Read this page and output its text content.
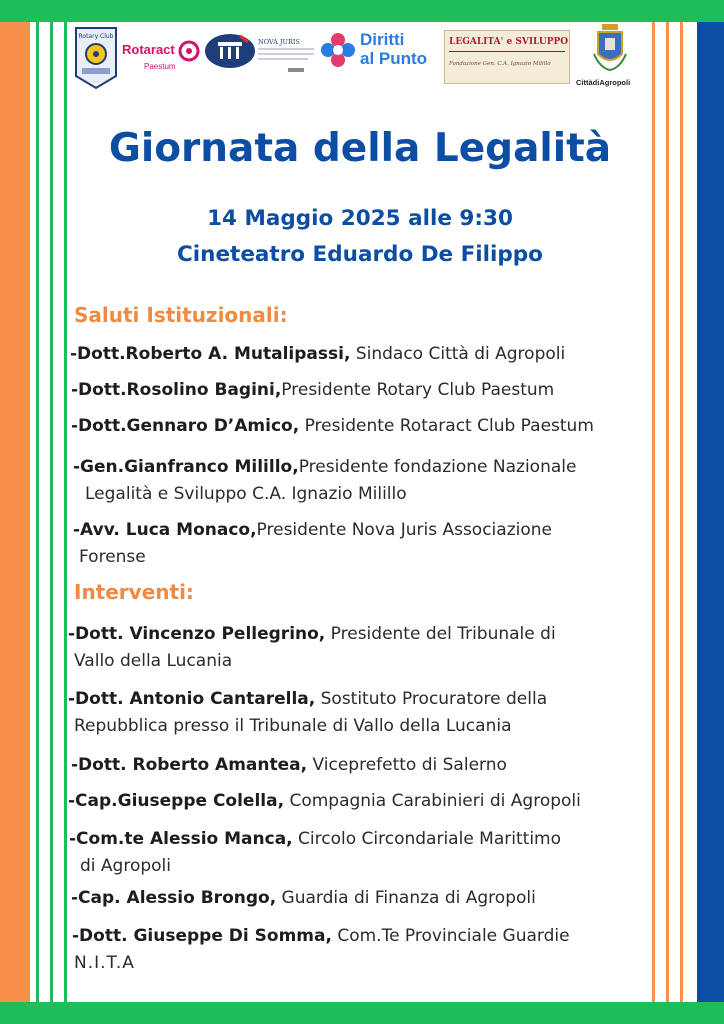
Rotary Club
Rotaract
Paestum
NOVA JURIS	Diritti
al Punto
LEGALITA' e SVILUPPO
Fondazione Gen. C.A. Ignazio Milillo
CittàdiAgropoli
Giornata della Legalità
14 Maggio 2025 alle 9:30
Cineteatro Eduardo De Filippo
Saluti Istituzionali:
-Dott.Roberto A. Mutalipassi, Sindaco Città di Agropoli
-Dott.Rosolino Bagini,Presidente Rotary Club Paestum
-Dott.Gennaro D’Amico, Presidente Rotaract Club Paestum
-Gen.Gianfranco Milillo,Presidente fondazione Nazionale
Legalità e Sviluppo C.A. Ignazio Milillo
-Avv. Luca Monaco,Presidente Nova Juris Associazione
Forense
Interventi:
-Dott. Vincenzo Pellegrino, Presidente del Tribunale di
Vallo della Lucania
-Dott. Antonio Cantarella, Sostituto Procuratore della
Repubblica presso il Tribunale di Vallo della Lucania
-Dott. Roberto Amantea, Viceprefetto di Salerno
-Cap.Giuseppe Colella, Compagnia Carabinieri di Agropoli
-Com.te Alessio Manca, Circolo Circondariale Marittimo
di Agropoli
-Cap. Alessio Brongo, Guardia di Finanza di Agropoli
-Dott. Giuseppe Di Somma, Com.Te Provinciale Guardie
N.I.T.A
